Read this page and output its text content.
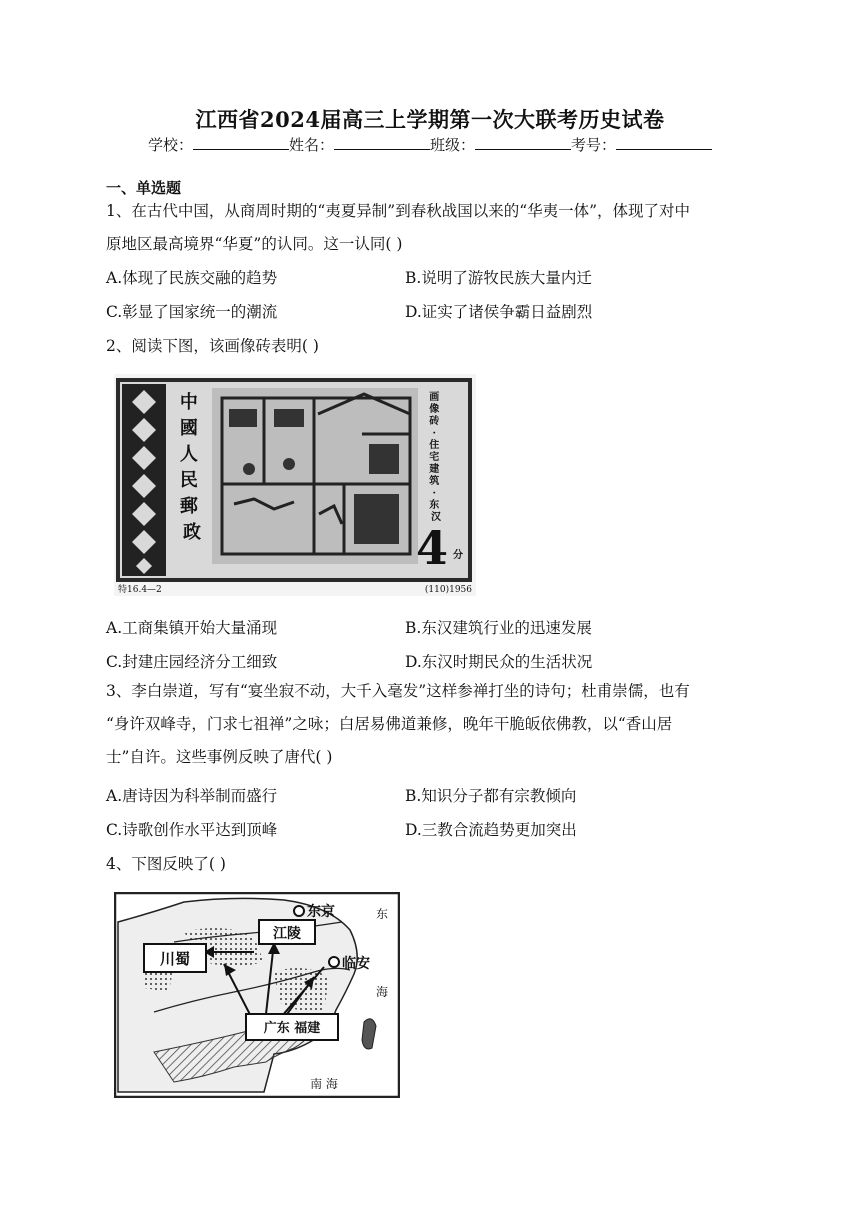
江西省2024届高三上学期第一次大联考历史试卷
学校：	姓名：	班级：	考号：
一、单选题
1、在古代中国，从商周时期的“夷夏异制”到春秋战国以来的“华夷一体”，体现了对中
原地区最高境界“华夏”的认同。这一认同( )
A.体现了民族交融的趋势	B.说明了游牧民族大量内迁
C.彰显了国家统一的潮流	D.证实了诸侯争霸日益剧烈
2、阅读下图，该画像砖表明( )
中 國 人 民 郵 政
画 像 砖 · 住 宅 建 筑 · 东 汉
4 分
特16.4—2	(110)1956
A.工商集镇开始大量涌现	B.东汉建筑行业的迅速发展
C.封建庄园经济分工细致	D.东汉时期民众的生活状况
3、李白崇道，写有“宴坐寂不动，大千入毫发”这样参禅打坐的诗句；杜甫崇儒，也有
“身许双峰寺，门求七祖禅”之咏；白居易佛道兼修，晚年干脆皈依佛教，以“香山居
士”自许。这些事例反映了唐代( )
A.唐诗因为科举制而盛行	B.知识分子都有宗教倾向
C.诗歌创作水平达到顶峰	D.三教合流趋势更加突出
4、下图反映了( )
东京
江陵
川蜀	临安
广东 福建
东
海
南 海
